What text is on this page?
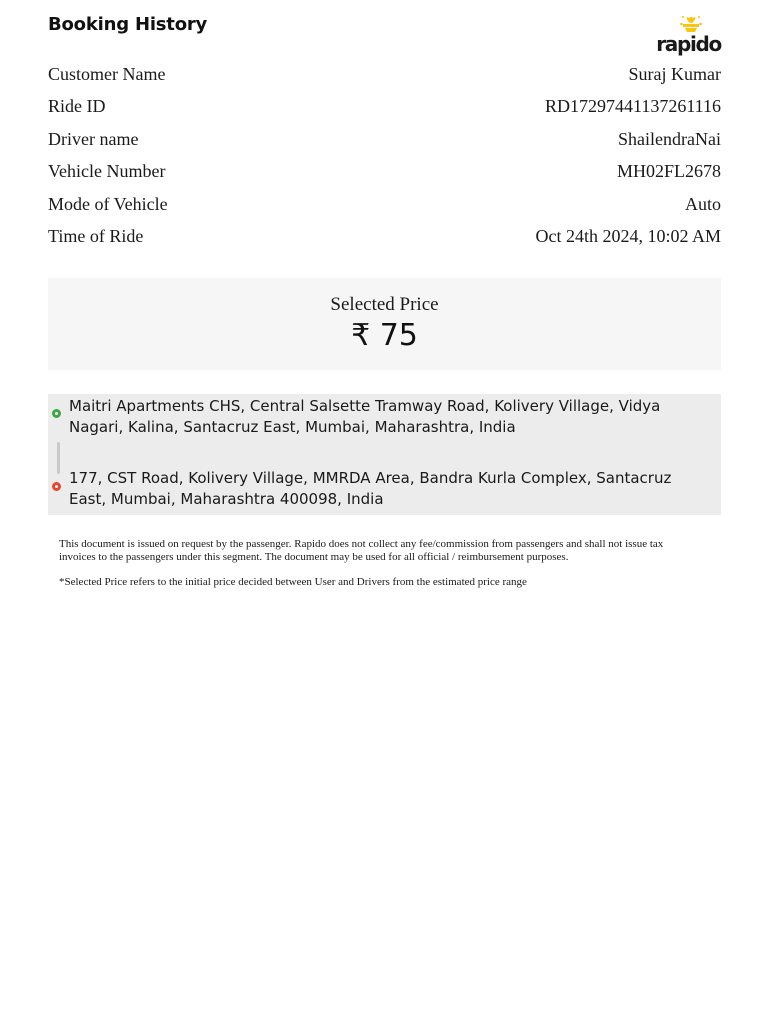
Booking History
rapido
Customer Name	Suraj Kumar
Ride ID	RD17297441137261116
Driver name	ShailendraNai
Vehicle Number	MH02FL2678
Mode of Vehicle	Auto
Time of Ride	Oct 24th 2024, 10:02 AM
Selected Price
₹ 75
Maitri Apartments CHS, Central Salsette Tramway Road, Kolivery Village, Vidya Nagari, Kalina, Santacruz East, Mumbai, Maharashtra, India
177, CST Road, Kolivery Village, MMRDA Area, Bandra Kurla Complex, Santacruz East, Mumbai, Maharashtra 400098, India

This document is issued on request by the passenger. Rapido does not collect any fee/commission from passengers and shall not issue tax invoices to the passengers under this segment. The document may be used for all official / reimbursement purposes.

*Selected Price refers to the initial price decided between User and Drivers from the estimated price range
